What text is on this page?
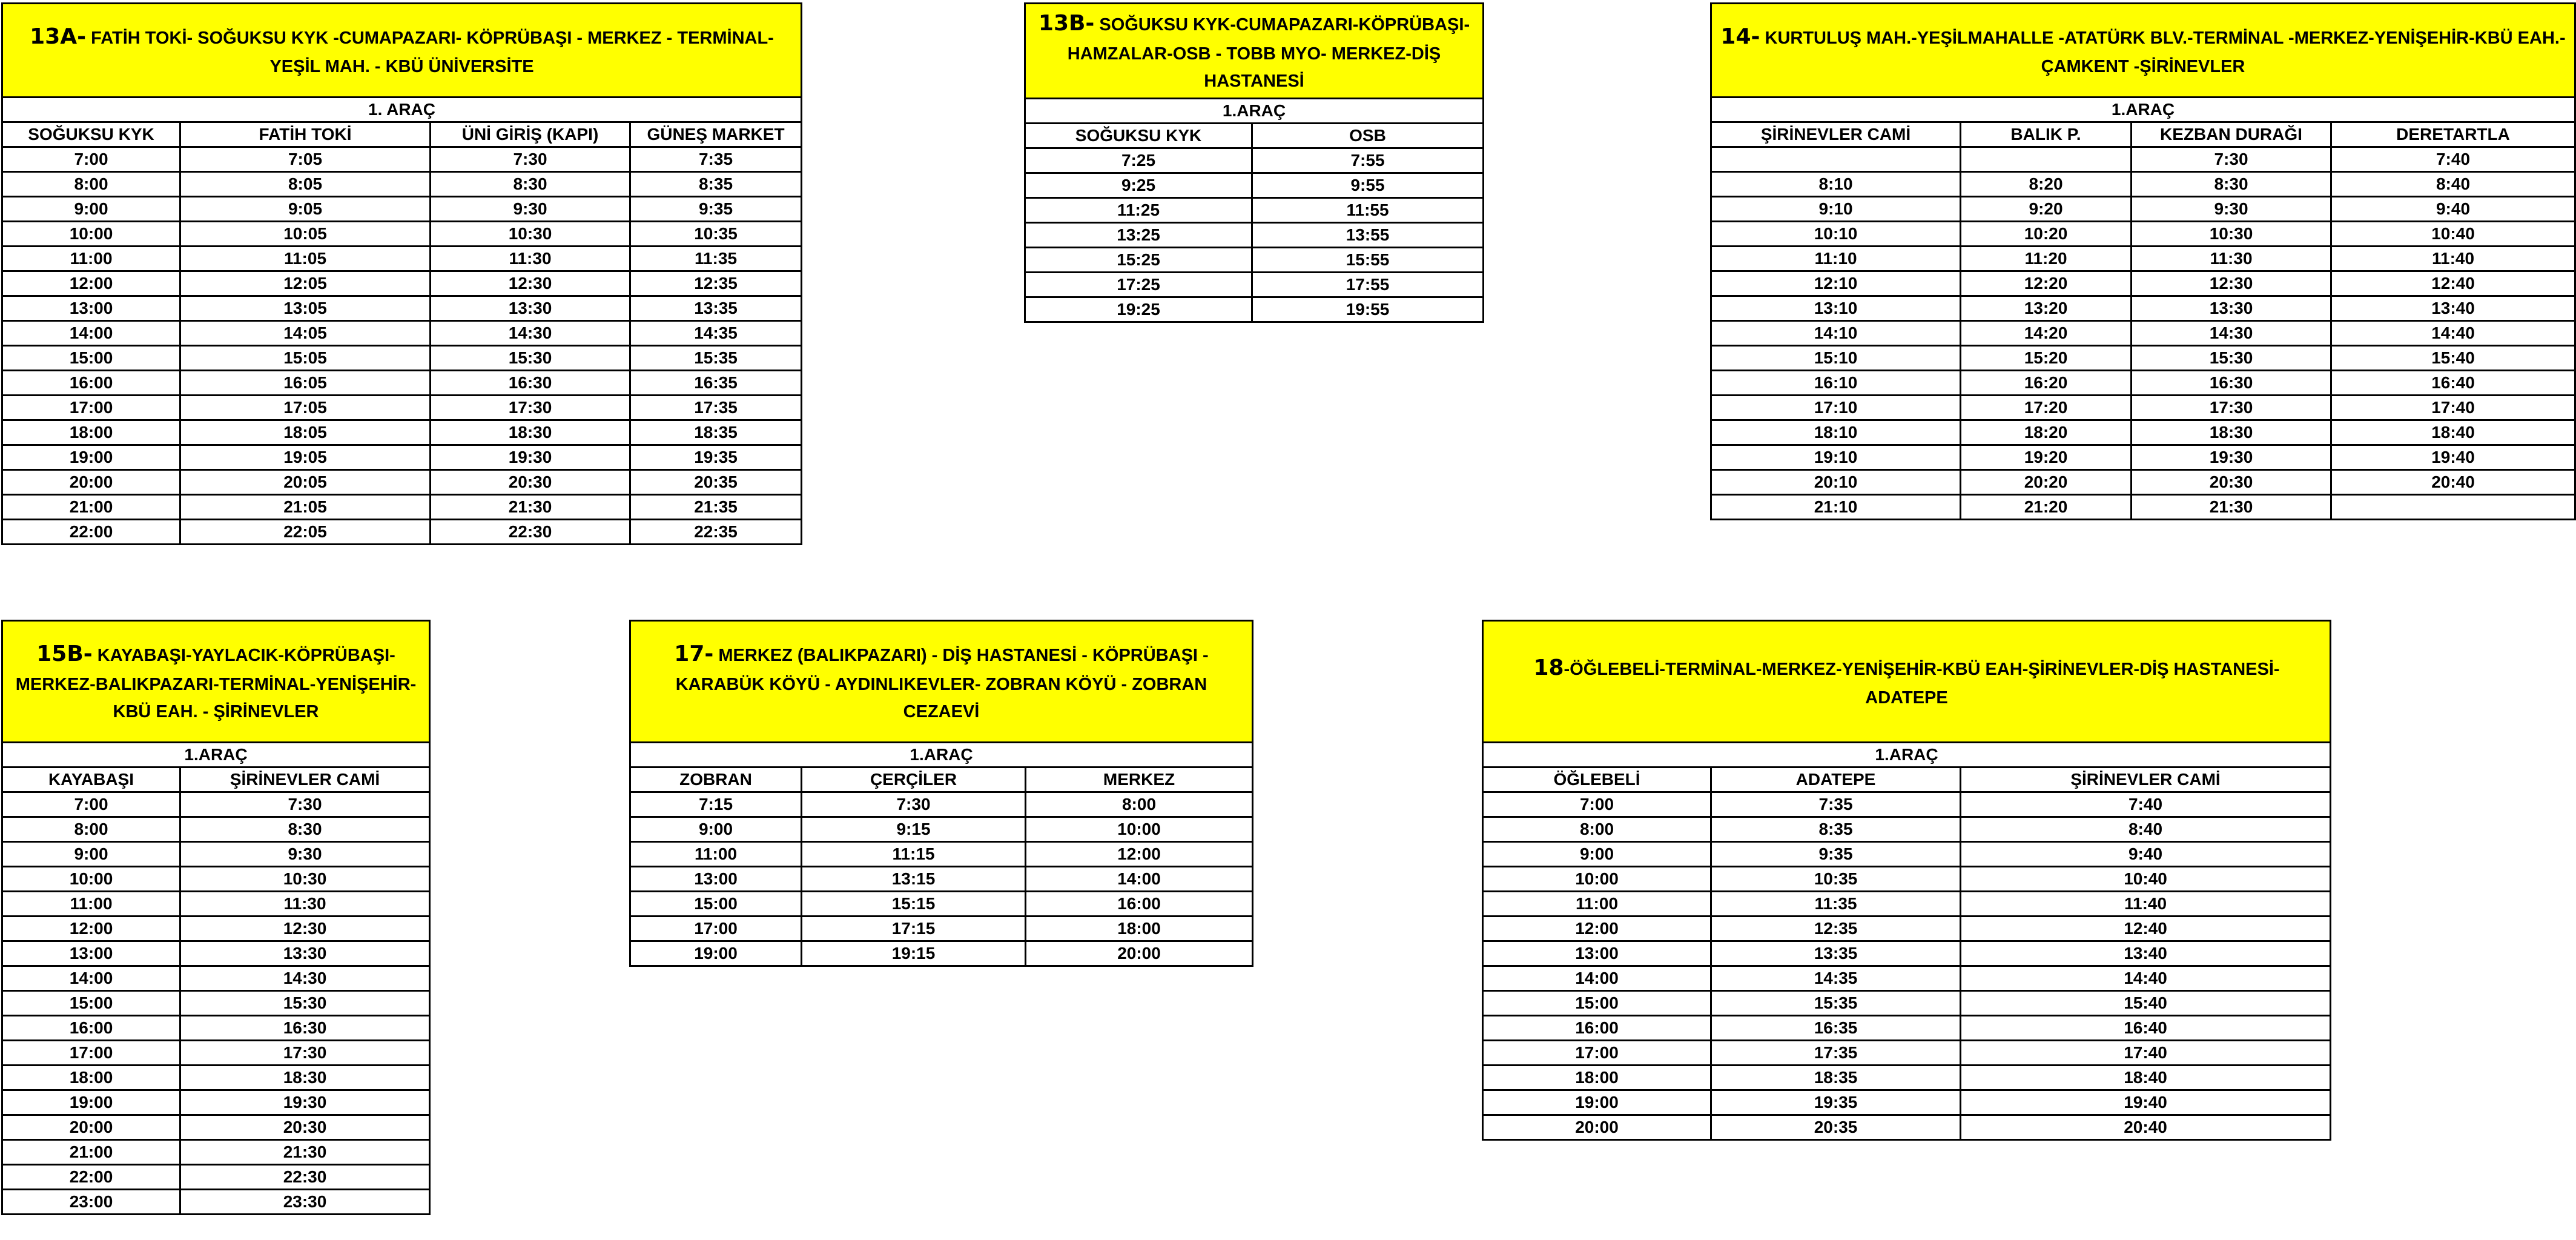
13A- FATİH TOKİ- SOĞUKSU KYK -CUMAPAZARI- KÖPRÜBAŞI - MERKEZ - TERMİNAL-YEŞİL MAH. - KBÜ ÜNİVERSİTE			
1. ARAÇ			
SOĞUKSU KYK	FATİH TOKİ	ÜNİ GİRİŞ (KAPI)	GÜNEŞ MARKET
7:00	7:05	7:30	7:35
8:00	8:05	8:30	8:35
9:00	9:05	9:30	9:35
10:00	10:05	10:30	10:35
11:00	11:05	11:30	11:35
12:00	12:05	12:30	12:35
13:00	13:05	13:30	13:35
14:00	14:05	14:30	14:35
15:00	15:05	15:30	15:35
16:00	16:05	16:30	16:35
17:00	17:05	17:30	17:35
18:00	18:05	18:30	18:35
19:00	19:05	19:30	19:35
20:00	20:05	20:30	20:35
21:00	21:05	21:30	21:35
22:00	22:05	22:30	22:35
13B- SOĞUKSU KYK-CUMAPAZARI-KÖPRÜBAŞI-HAMZALAR-OSB - TOBB MYO- MERKEZ-DİŞ HASTANESİ	
1.ARAÇ	
SOĞUKSU KYK	OSB
7:25	7:55
9:25	9:55
11:25	11:55
13:25	13:55
15:25	15:55
17:25	17:55
19:25	19:55
14- KURTULUŞ MAH.-YEŞİLMAHALLE -ATATÜRK BLV.-TERMİNAL -MERKEZ-YENİŞEHİR-KBÜ EAH.-ÇAMKENT -ŞİRİNEVLER			
1.ARAÇ			
ŞİRİNEVLER CAMİ	BALIK P.	KEZBAN DURAĞI	DERETARTLA
		7:30	7:40
8:10	8:20	8:30	8:40
9:10	9:20	9:30	9:40
10:10	10:20	10:30	10:40
11:10	11:20	11:30	11:40
12:10	12:20	12:30	12:40
13:10	13:20	13:30	13:40
14:10	14:20	14:30	14:40
15:10	15:20	15:30	15:40
16:10	16:20	16:30	16:40
17:10	17:20	17:30	17:40
18:10	18:20	18:30	18:40
19:10	19:20	19:30	19:40
20:10	20:20	20:30	20:40
21:10	21:20	21:30	
15B- KAYABAŞI-YAYLACIK-KÖPRÜBAŞI-MERKEZ-BALIKPAZARI-TERMİNAL-YENİŞEHİR-KBÜ EAH. - ŞİRİNEVLER	
1.ARAÇ	
KAYABAŞI	ŞİRİNEVLER CAMİ
7:00	7:30
8:00	8:30
9:00	9:30
10:00	10:30
11:00	11:30
12:00	12:30
13:00	13:30
14:00	14:30
15:00	15:30
16:00	16:30
17:00	17:30
18:00	18:30
19:00	19:30
20:00	20:30
21:00	21:30
22:00	22:30
23:00	23:30
17- MERKEZ (BALIKPAZARI) - DİŞ HASTANESİ - KÖPRÜBAŞI - KARABÜK KÖYÜ - AYDINLIKEVLER- ZOBRAN KÖYÜ - ZOBRAN CEZAEVİ		
1.ARAÇ		
ZOBRAN	ÇERÇİLER	MERKEZ
7:15	7:30	8:00
9:00	9:15	10:00
11:00	11:15	12:00
13:00	13:15	14:00
15:00	15:15	16:00
17:00	17:15	18:00
19:00	19:15	20:00
18-ÖĞLEBELİ-TERMİNAL-MERKEZ-YENİŞEHİR-KBÜ EAH-ŞİRİNEVLER-DİŞ HASTANESİ- ADATEPE		
1.ARAÇ		
ÖĞLEBELİ	ADATEPE	ŞİRİNEVLER CAMİ
7:00	7:35	7:40
8:00	8:35	8:40
9:00	9:35	9:40
10:00	10:35	10:40
11:00	11:35	11:40
12:00	12:35	12:40
13:00	13:35	13:40
14:00	14:35	14:40
15:00	15:35	15:40
16:00	16:35	16:40
17:00	17:35	17:40
18:00	18:35	18:40
19:00	19:35	19:40
20:00	20:35	20:40
